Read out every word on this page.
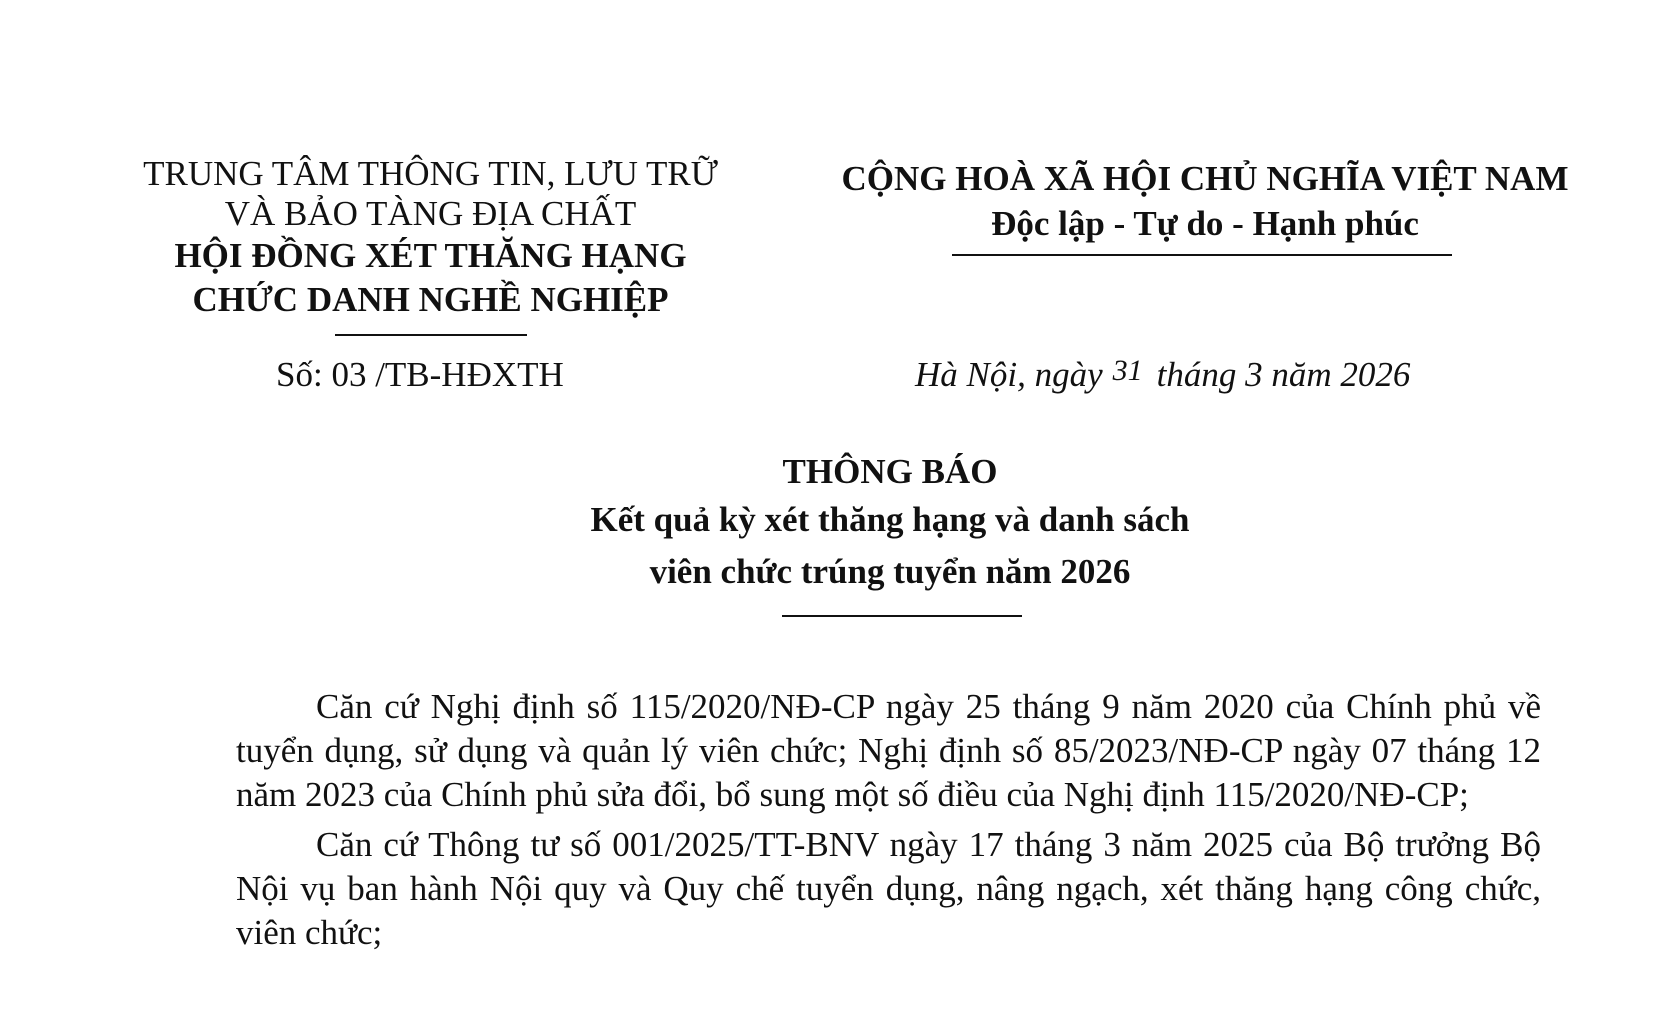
TRUNG TÂM THÔNG TIN, LƯU TRỮ
VÀ BẢO TÀNG ĐỊA CHẤT
HỘI ĐỒNG XÉT THĂNG HẠNG
CHỨC DANH NGHỀ NGHIỆP
Số: 03 /TB-HĐXTH
CỘNG HOÀ XÃ HỘI CHỦ NGHĨA VIỆT NAM
Độc lập - Tự do - Hạnh phúc
Hà Nội, ngày 31 tháng 3 năm 2026
THÔNG BÁO
Kết quả kỳ xét thăng hạng và danh sách
viên chức trúng tuyển năm 2026

Căn cứ Nghị định số 115/2020/NĐ-CP ngày 25 tháng 9 năm 2020 của Chính phủ về tuyển dụng, sử dụng và quản lý viên chức; Nghị định số 85/2023/NĐ-CP ngày 07 tháng 12 năm 2023 của Chính phủ sửa đổi, bổ sung một số điều của Nghị định 115/2020/NĐ-CP;

Căn cứ Thông tư số 001/2025/TT-BNV ngày 17 tháng 3 năm 2025 của Bộ trưởng Bộ Nội vụ ban hành Nội quy và Quy chế tuyển dụng, nâng ngạch, xét thăng hạng công chức, viên chức;
